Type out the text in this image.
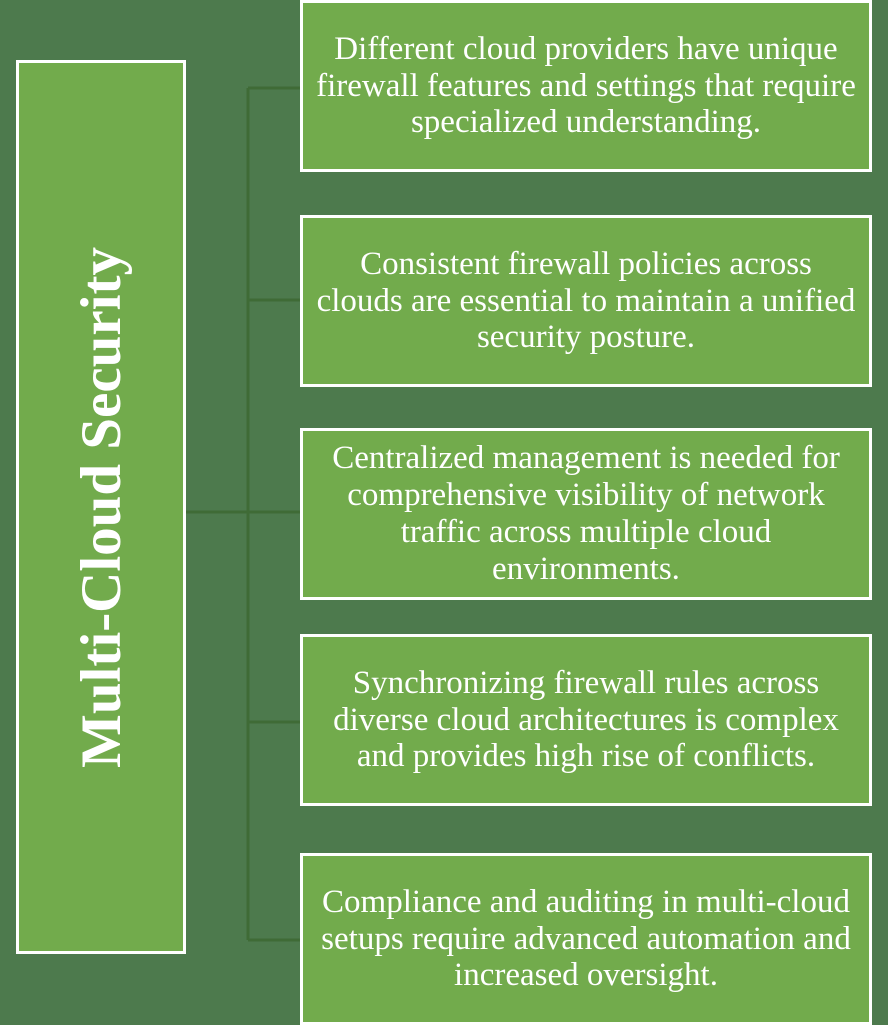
Multi-Cloud Security
Different cloud providers have unique firewall features and settings that require specialized understanding.
Consistent firewall policies across clouds are essential to maintain a unified security posture.
Centralized management is needed for comprehensive visibility of network traffic across multiple cloud environments.
Synchronizing firewall rules across diverse cloud architectures is complex and provides high rise of conflicts.
Compliance and auditing in multi-cloud setups require advanced automation and increased oversight.
